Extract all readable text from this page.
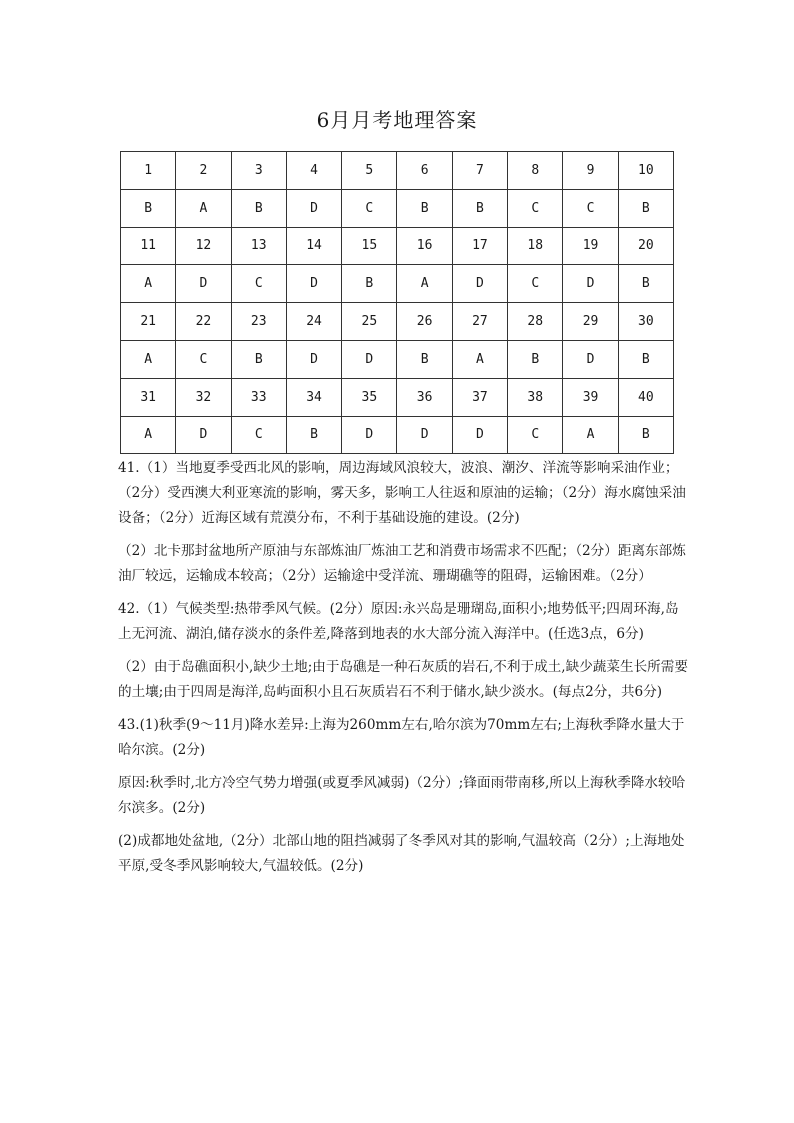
6月月考地理答案
1	2	3	4	5	6	7	8	9	10
B	A	B	D	C	B	B	C	C	B
11	12	13	14	15	16	17	18	19	20
A	D	C	D	B	A	D	C	D	B
21	22	23	24	25	26	27	28	29	30
A	C	B	D	D	B	A	B	D	B
31	32	33	34	35	36	37	38	39	40
A	D	C	B	D	D	D	C	A	B

41.（1）当地夏季受西北风的影响，周边海域风浪较大，波浪、潮汐、洋流等影响采油作业；（2分）受西澳大利亚寒流的影响，雾天多，影响工人往返和原油的运输；（2分）海水腐蚀采油设备；（2分）近海区域有荒漠分布，不利于基础设施的建设。(2分)

（2）北卡那封盆地所产原油与东部炼油厂炼油工艺和消费市场需求不匹配；（2分）距离东部炼油厂较远，运输成本较高；（2分）运输途中受洋流、珊瑚礁等的阻碍，运输困难。（2分）

42.（1）气候类型:热带季风气候。(2分）原因:永兴岛是珊瑚岛,面积小;地势低平;四周环海,岛上无河流、湖泊,储存淡水的条件差,降落到地表的水大部分流入海洋中。(任选3点，6分)

（2）由于岛礁面积小,缺少土地;由于岛礁是一种石灰质的岩石,不利于成土,缺少蔬菜生长所需要的土壤;由于四周是海洋,岛屿面积小且石灰质岩石不利于储水,缺少淡水。(每点2分，共6分)

43.(1)秋季(9～11月)降水差异:上海为260mm左右,哈尔滨为70mm左右;上海秋季降水量大于哈尔滨。(2分)

原因:秋季时,北方冷空气势力增强(或夏季风减弱)（2分）;锋面雨带南移,所以上海秋季降水较哈尔滨多。(2分)

(2)成都地处盆地,（2分）北部山地的阻挡减弱了冬季风对其的影响,气温较高（2分）;上海地处平原,受冬季风影响较大,气温较低。(2分)
